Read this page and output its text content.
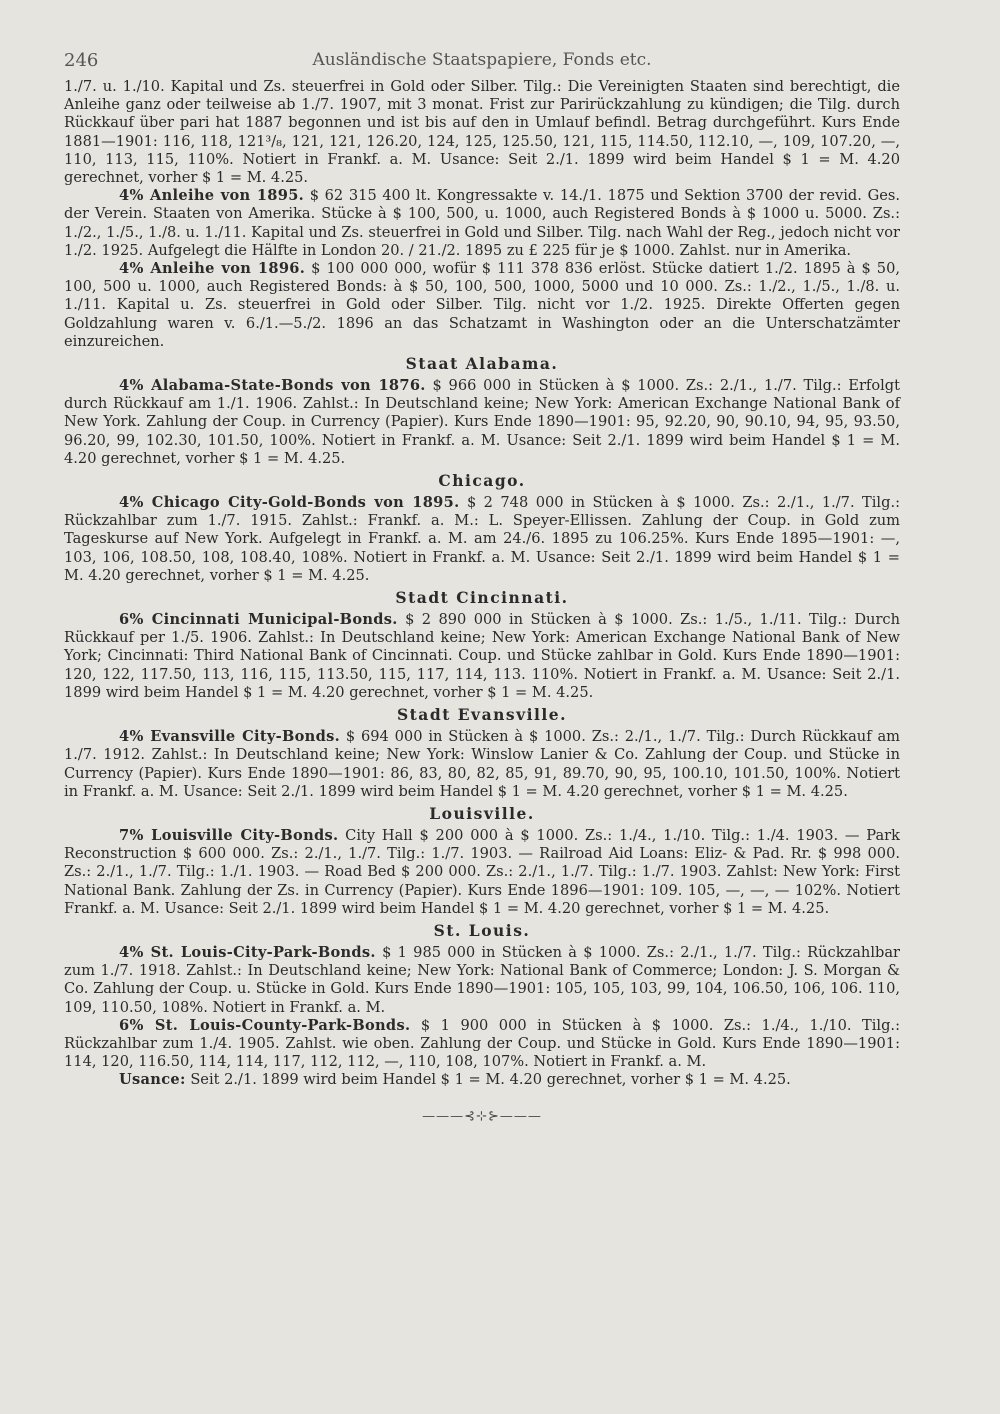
246	Ausländische Staatspapiere, Fonds etc.

1./7. u. 1./10. Kapital und Zs. steuerfrei in Gold oder Silber. Tilg.: Die Vereinigten Staaten sind berechtigt, die Anleihe ganz oder teilweise ab 1./7. 1907, mit 3 monat. Frist zur Parirückzahlung zu kündigen; die Tilg. durch Rückkauf über pari hat 1887 begonnen und ist bis auf den in Umlauf befindl. Betrag durchgeführt. Kurs Ende 1881—1901: 116, 118, 121³/₈, 121, 121, 126.20, 124, 125, 125.50, 121, 115, 114.50, 112.10, —, 109, 107.20, —, 110, 113, 115, 110%. Notiert in Frankf. a. M. Usance: Seit 2./1. 1899 wird beim Handel $ 1 = M. 4.20 gerechnet, vorher $ 1 = M. 4.25.

4% Anleihe von 1895. $ 62 315 400 lt. Kongressakte v. 14./1. 1875 und Sektion 3700 der revid. Ges. der Verein. Staaten von Amerika. Stücke à $ 100, 500, u. 1000, auch Registered Bonds à $ 1000 u. 5000. Zs.: 1./2., 1./5., 1./8. u. 1./11. Kapital und Zs. steuerfrei in Gold und Silber. Tilg. nach Wahl der Reg., jedoch nicht vor 1./2. 1925. Aufgelegt die Hälfte in London 20. / 21./2. 1895 zu £ 225 für je $ 1000. Zahlst. nur in Amerika.

4% Anleihe von 1896. $ 100 000 000, wofür $ 111 378 836 erlöst. Stücke datiert 1./2. 1895 à $ 50, 100, 500 u. 1000, auch Registered Bonds: à $ 50, 100, 500, 1000, 5000 und 10 000. Zs.: 1./2., 1./5., 1./8. u. 1./11. Kapital u. Zs. steuerfrei in Gold oder Silber. Tilg. nicht vor 1./2. 1925. Direkte Offerten gegen Goldzahlung waren v. 6./1.—5./2. 1896 an das Schatzamt in Washington oder an die Unterschatzämter einzureichen.

Staat Alabama.

4% Alabama-State-Bonds von 1876. $ 966 000 in Stücken à $ 1000. Zs.: 2./1., 1./7. Tilg.: Erfolgt durch Rückkauf am 1./1. 1906. Zahlst.: In Deutschland keine; New York: American Exchange National Bank of New York. Zahlung der Coup. in Currency (Papier). Kurs Ende 1890—1901: 95, 92.20, 90, 90.10, 94, 95, 93.50, 96.20, 99, 102.30, 101.50, 100%. Notiert in Frankf. a. M. Usance: Seit 2./1. 1899 wird beim Handel $ 1 = M. 4.20 gerechnet, vorher $ 1 = M. 4.25.

Chicago.

4% Chicago City-Gold-Bonds von 1895. $ 2 748 000 in Stücken à $ 1000. Zs.: 2./1., 1./7. Tilg.: Rückzahlbar zum 1./7. 1915. Zahlst.: Frankf. a. M.: L. Speyer-Ellissen. Zahlung der Coup. in Gold zum Tageskurse auf New York. Aufgelegt in Frankf. a. M. am 24./6. 1895 zu 106.25%. Kurs Ende 1895—1901: —, 103, 106, 108.50, 108, 108.40, 108%. Notiert in Frankf. a. M. Usance: Seit 2./1. 1899 wird beim Handel $ 1 = M. 4.20 gerechnet, vorher $ 1 = M. 4.25.

Stadt Cincinnati.

6% Cincinnati Municipal-Bonds. $ 2 890 000 in Stücken à $ 1000. Zs.: 1./5., 1./11. Tilg.: Durch Rückkauf per 1./5. 1906. Zahlst.: In Deutschland keine; New York: American Exchange National Bank of New York; Cincinnati: Third National Bank of Cincinnati. Coup. und Stücke zahlbar in Gold. Kurs Ende 1890—1901: 120, 122, 117.50, 113, 116, 115, 113.50, 115, 117, 114, 113. 110%. Notiert in Frankf. a. M. Usance: Seit 2./1. 1899 wird beim Handel $ 1 = M. 4.20 gerechnet, vorher $ 1 = M. 4.25.

Stadt Evansville.

4% Evansville City-Bonds. $ 694 000 in Stücken à $ 1000. Zs.: 2./1., 1./7. Tilg.: Durch Rückkauf am 1./7. 1912. Zahlst.: In Deutschland keine; New York: Winslow Lanier & Co. Zahlung der Coup. und Stücke in Currency (Papier). Kurs Ende 1890—1901: 86, 83, 80, 82, 85, 91, 89.70, 90, 95, 100.10, 101.50, 100%. Notiert in Frankf. a. M. Usance: Seit 2./1. 1899 wird beim Handel $ 1 = M. 4.20 gerechnet, vorher $ 1 = M. 4.25.

Louisville.

7% Louisville City-Bonds. City Hall $ 200 000 à $ 1000. Zs.: 1./4., 1./10. Tilg.: 1./4. 1903. — Park Reconstruction $ 600 000. Zs.: 2./1., 1./7. Tilg.: 1./7. 1903. — Railroad Aid Loans: Eliz- & Pad. Rr. $ 998 000. Zs.: 2./1., 1./7. Tilg.: 1./1. 1903. — Road Bed $ 200 000. Zs.: 2./1., 1./7. Tilg.: 1./7. 1903. Zahlst: New York: First National Bank. Zahlung der Zs. in Currency (Papier). Kurs Ende 1896—1901: 109. 105, —, —, — 102%. Notiert Frankf. a. M. Usance: Seit 2./1. 1899 wird beim Handel $ 1 = M. 4.20 gerechnet, vorher $ 1 = M. 4.25.

St. Louis.

4% St. Louis-City-Park-Bonds. $ 1 985 000 in Stücken à $ 1000. Zs.: 2./1., 1./7. Tilg.: Rückzahlbar zum 1./7. 1918. Zahlst.: In Deutschland keine; New York: National Bank of Commerce; London: J. S. Morgan & Co. Zahlung der Coup. u. Stücke in Gold. Kurs Ende 1890—1901: 105, 105, 103, 99, 104, 106.50, 106, 106. 110, 109, 110.50, 108%. Notiert in Frankf. a. M.

6% St. Louis-County-Park-Bonds. $ 1 900 000 in Stücken à $ 1000. Zs.: 1./4., 1./10. Tilg.: Rückzahlbar zum 1./4. 1905. Zahlst. wie oben. Zahlung der Coup. und Stücke in Gold. Kurs Ende 1890—1901: 114, 120, 116.50, 114, 114, 117, 112, 112, —, 110, 108, 107%. Notiert in Frankf. a. M.

Usance: Seit 2./1. 1899 wird beim Handel $ 1 = M. 4.20 gerechnet, vorher $ 1 = M. 4.25.

———⊰⊹⊱———
